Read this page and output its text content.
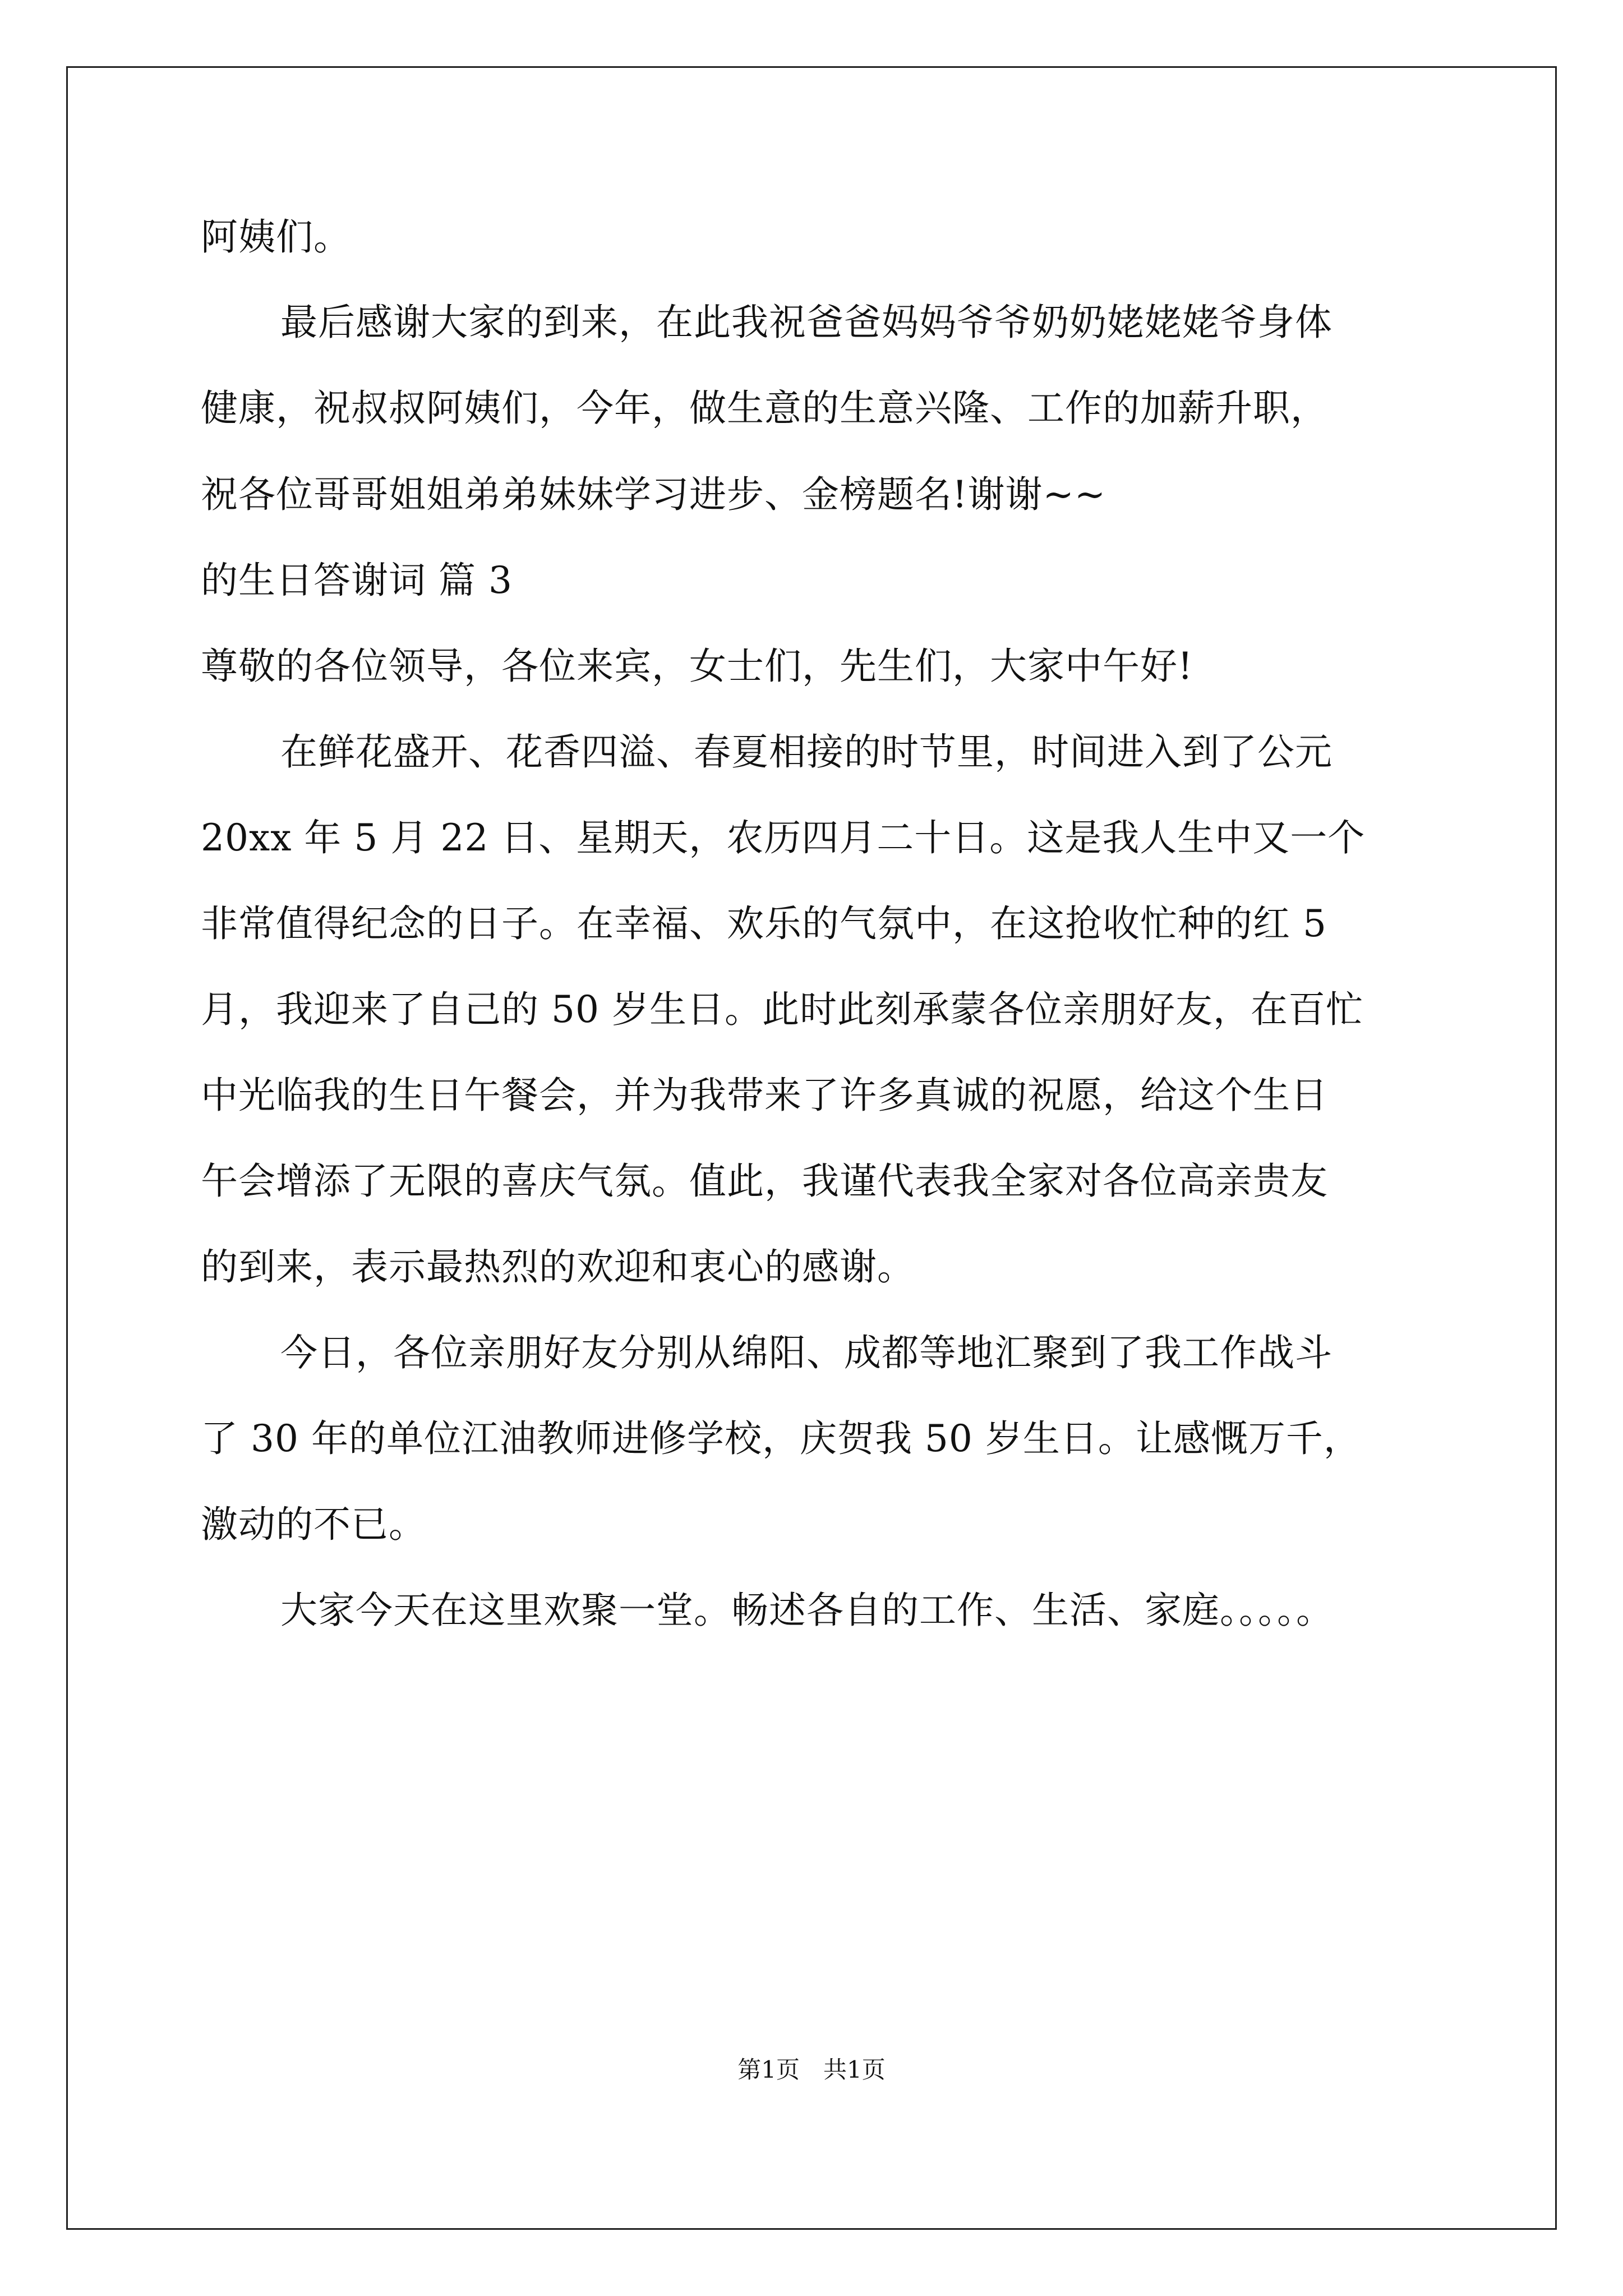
阿姨们。
最后感谢大家的到来，在此我祝爸爸妈妈爷爷奶奶姥姥姥爷身体
健康，祝叔叔阿姨们，今年，做生意的生意兴隆、工作的加薪升职，
祝各位哥哥姐姐弟弟妹妹学习进步、金榜题名!谢谢~~
的生日答谢词 篇 3
尊敬的各位领导，各位来宾，女士们，先生们，大家中午好!
在鲜花盛开、花香四溢、春夏相接的时节里，时间进入到了公元
20xx 年 5 月 22 日、星期天，农历四月二十日。这是我人生中又一个
非常值得纪念的日子。在幸福、欢乐的气氛中，在这抢收忙种的红 5
月，我迎来了自己的 50 岁生日。此时此刻承蒙各位亲朋好友，在百忙
中光临我的生日午餐会，并为我带来了许多真诚的祝愿，给这个生日
午会增添了无限的喜庆气氛。值此，我谨代表我全家对各位高亲贵友
的到来，表示最热烈的欢迎和衷心的感谢。
今日，各位亲朋好友分别从绵阳、成都等地汇聚到了我工作战斗
了 30 年的单位江油教师进修学校，庆贺我 50 岁生日。让感慨万千，
激动的不已。
大家今天在这里欢聚一堂。畅述各自的工作、生活、家庭。。。。。
第1页　共1页
